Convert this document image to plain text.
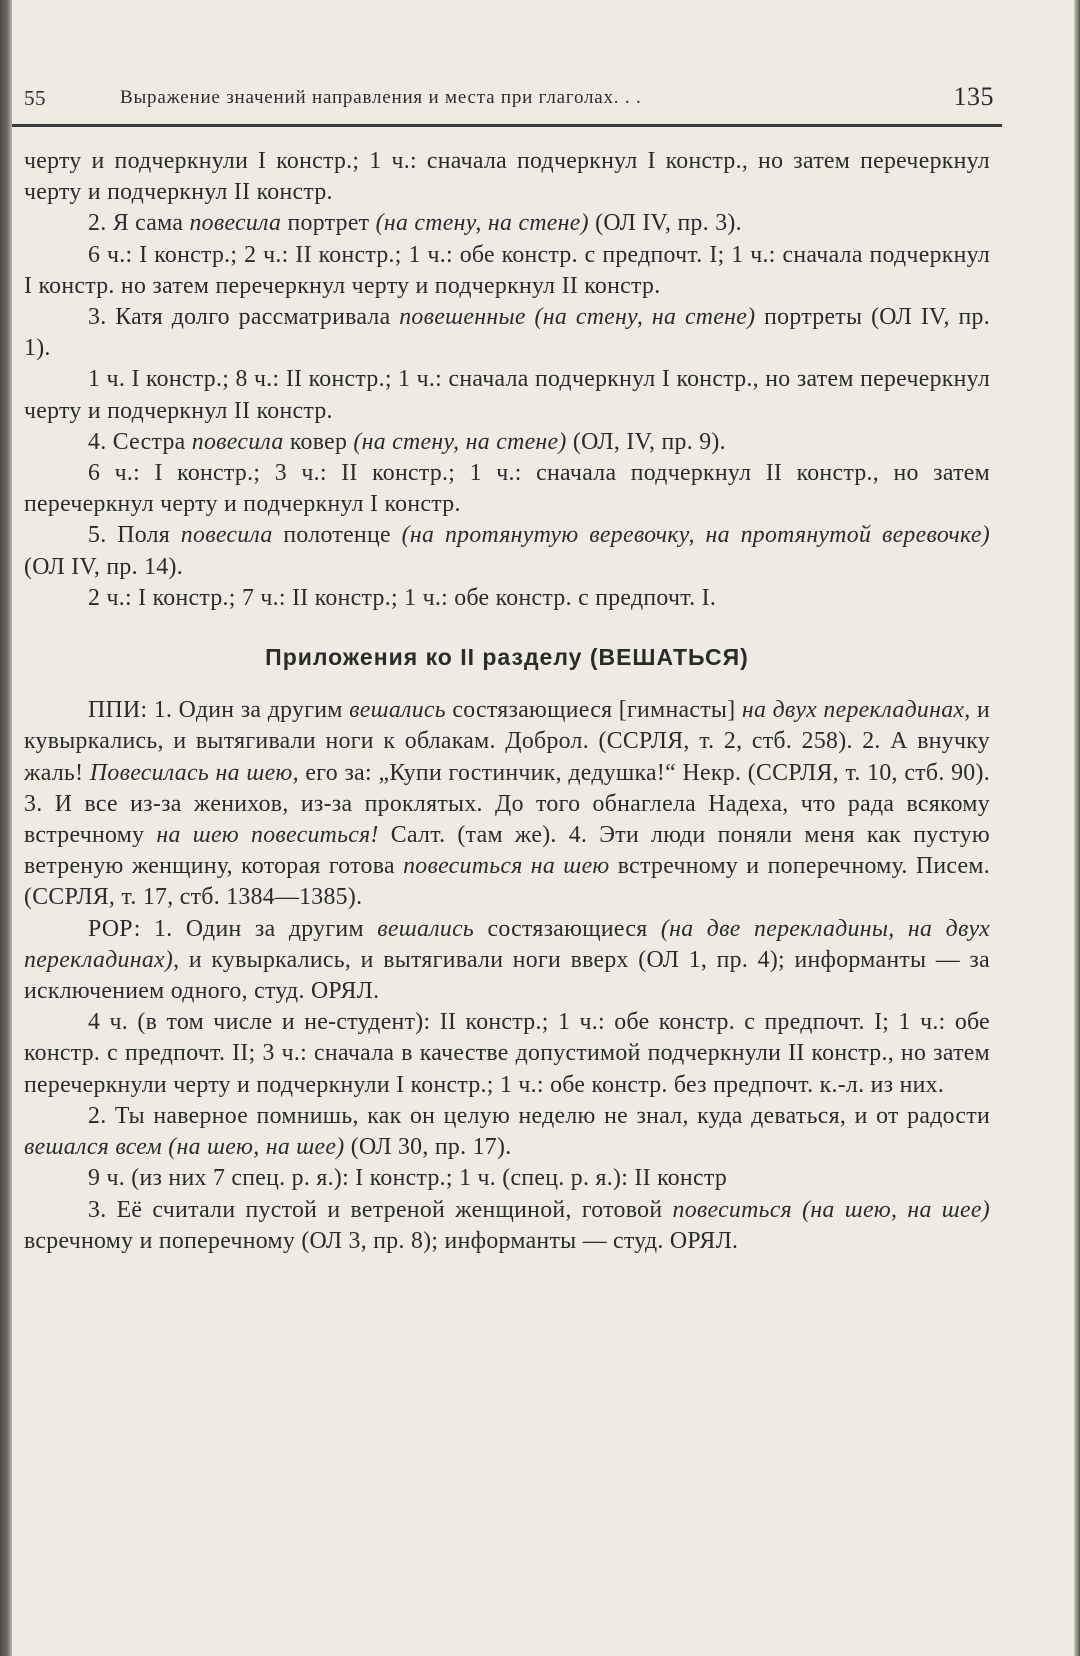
55	Выражение значений направления и места при глаголах. . .	135

черту и подчеркнули I констр.; 1 ч.: сначала подчеркнул I констр., но затем перечеркнул черту и подчеркнул II констр.

2. Я сама повесила портрет (на стену, на стене) (ОЛ IV, пр. 3).

6 ч.: I констр.; 2 ч.: II констр.; 1 ч.: обе констр. с предпочт. I; 1 ч.: сначала подчеркнул I констр. но затем перечеркнул черту и подчеркнул II констр.

3. Катя долго рассматривала повешенные (на стену, на стене) портреты (ОЛ IV, пр. 1).

1 ч. I констр.; 8 ч.: II констр.; 1 ч.: сначала подчеркнул I констр., но затем перечеркнул черту и подчеркнул II констр.

4. Сестра повесила ковер (на стену, на стене) (ОЛ, IV, пр. 9).

6 ч.: I констр.; 3 ч.: II констр.; 1 ч.: сначала подчеркнул II констр., но затем перечеркнул черту и подчеркнул I констр.

5. Поля повесила полотенце (на протянутую веревочку, на протянутой веревочке) (ОЛ IV, пр. 14).

2 ч.: I констр.; 7 ч.: II констр.; 1 ч.: обе констр. с предпочт. I.

Приложения ко II разделу (ВЕШАТЬСЯ)

ППИ: 1. Один за другим вешались состязающиеся [гимнасты] на двух перекладинах, и кувыркались, и вытягивали ноги к облакам. Доброл. (ССРЛЯ, т. 2, стб. 258). 2. А внучку жаль! Повесилась на шею, его за: „Купи гостинчик, дедушка!“ Некр. (ССРЛЯ, т. 10, стб. 90). 3. И все из-за женихов, из-за проклятых. До того обнаглела Надеха, что рада всякому встречному на шею повеситься! Салт. (там же). 4. Эти люди поняли меня как пустую ветреную женщину, которая готова повеситься на шею встречному и поперечному. Писем. (ССРЛЯ, т. 17, стб. 1384—1385).

РОР: 1. Один за другим вешались состязающиеся (на две перекладины, на двух перекладинах), и кувыркались, и вытягивали ноги вверх (ОЛ 1, пр. 4); информанты — за исключением одного, студ. ОРЯЛ.

4 ч. (в том числе и не-студент): II констр.; 1 ч.: обе констр. с предпочт. I; 1 ч.: обе констр. с предпочт. II; 3 ч.: сначала в качестве допустимой подчеркнули II констр., но затем перечеркнули черту и подчеркнули I констр.; 1 ч.: обе констр. без предпочт. к.-л. из них.

2. Ты наверное помнишь, как он целую неделю не знал, куда деваться, и от радости вешался всем (на шею, на шее) (ОЛ 30, пр. 17).

9 ч. (из них 7 спец. р. я.): I констр.; 1 ч. (спец. р. я.): II констр

3. Её считали пустой и ветреной женщиной, готовой повеситься (на шею, на шее) всречному и поперечному (ОЛ 3, пр. 8); информанты — студ. ОРЯЛ.
